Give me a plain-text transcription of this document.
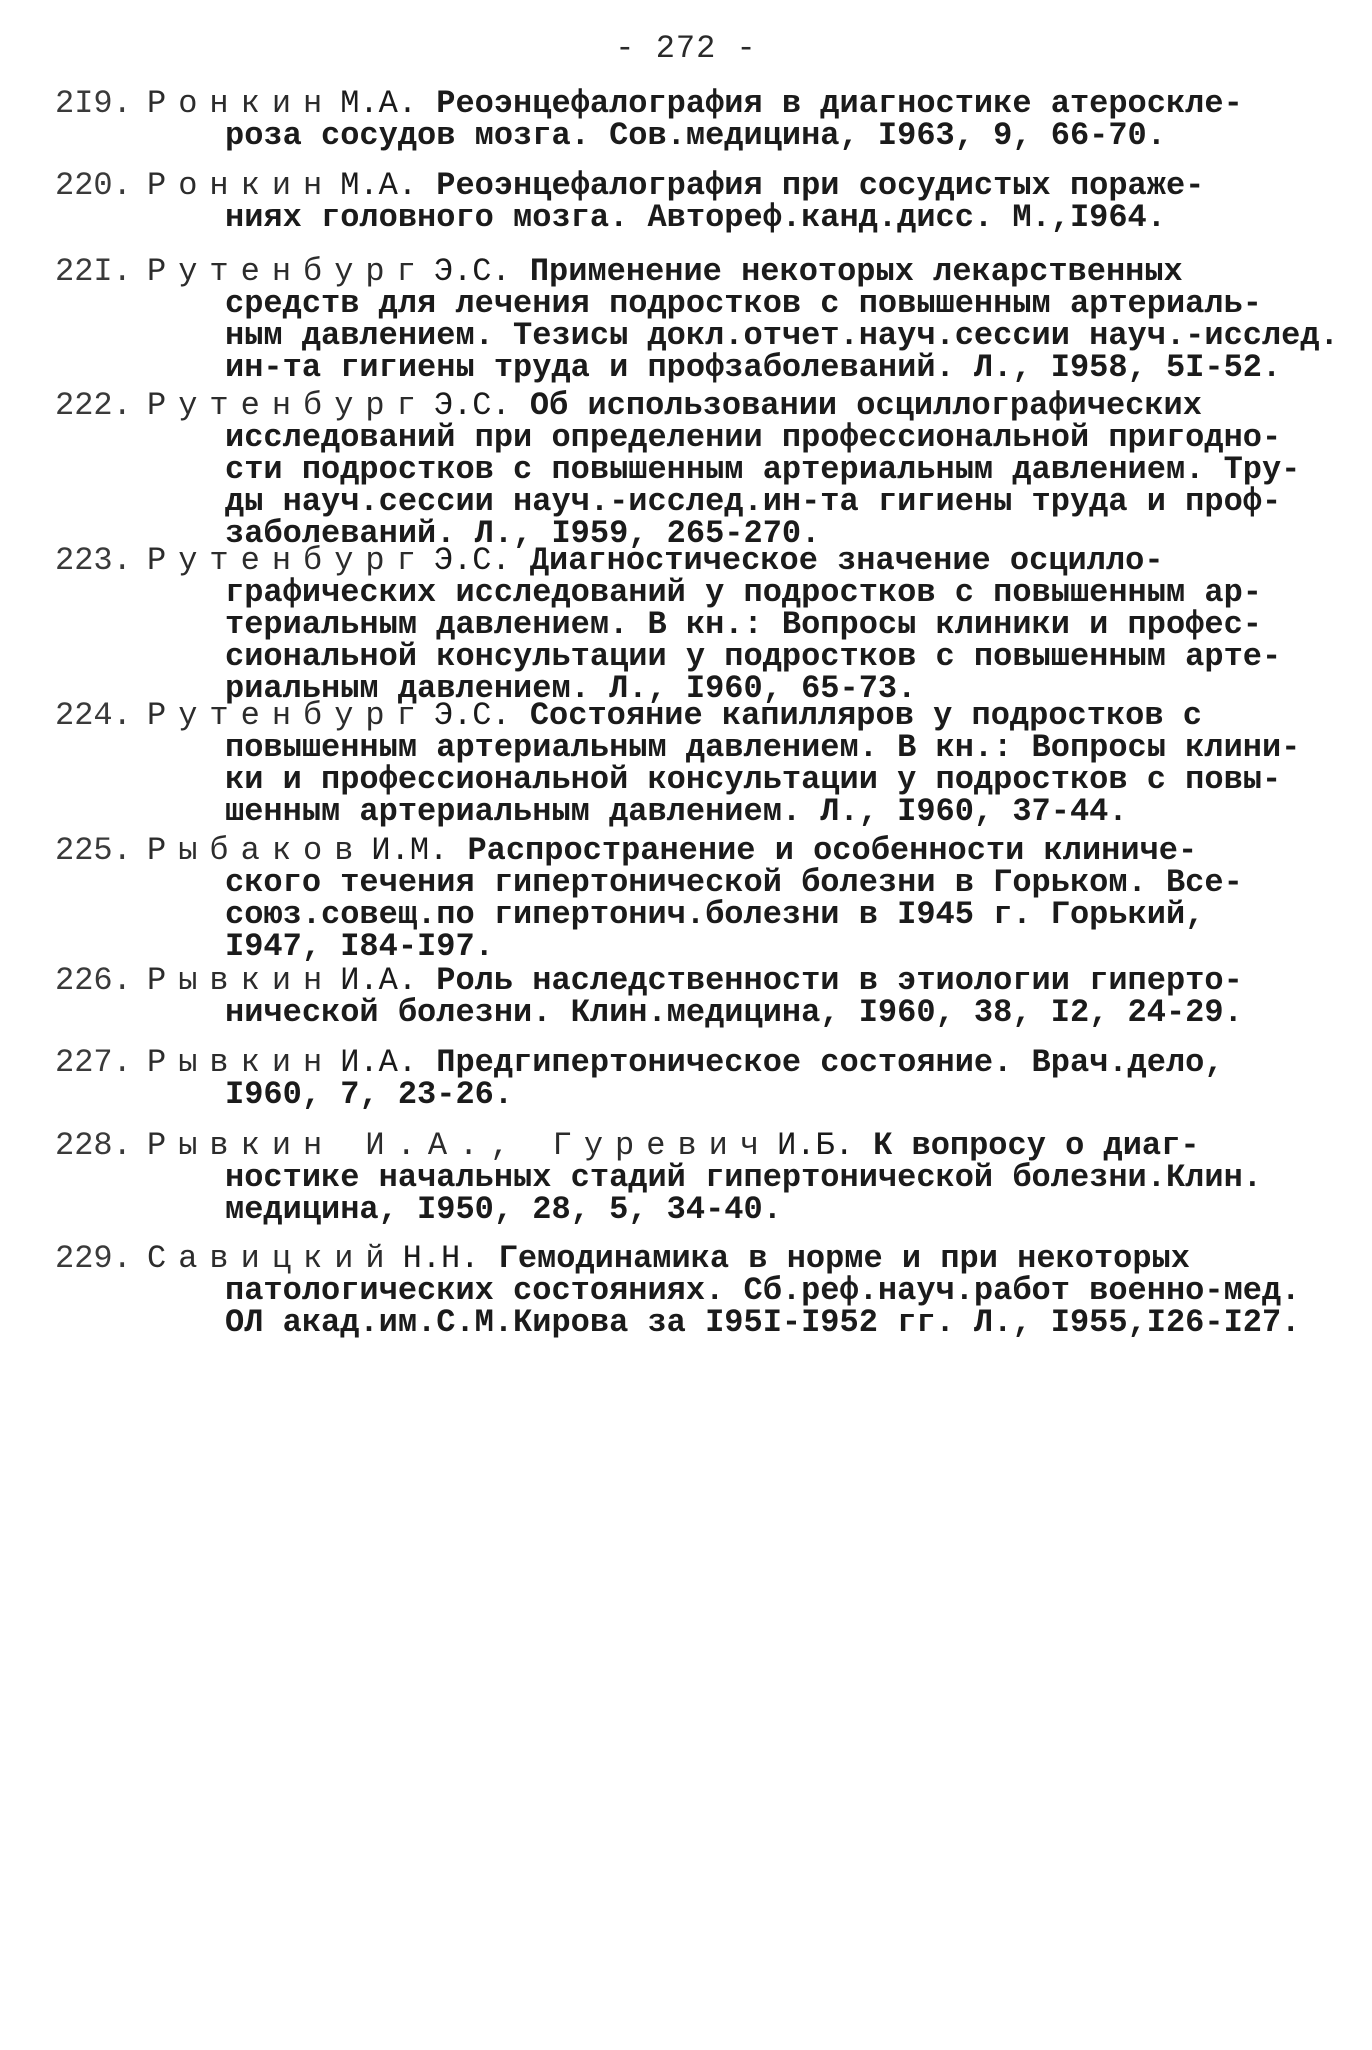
- 272 -
2I9. Ронкин М.А. Реоэнцефалография в диагностике атероскле-
роза сосудов мозга. Сов.медицина, I963, 9, 66-70.
220. Ронкин М.А. Реоэнцефалография при сосудистых пораже-
ниях головного мозга. Автореф.канд.дисс. М.,I964.
22I. Рутенбург Э.С. Применение некоторых лекарственных
средств для лечения подростков с повышенным артериаль-
ным давлением. Тезисы докл.отчет.науч.сессии науч.-исслед.
ин-та гигиены труда и профзаболеваний. Л., I958, 5I-52.
222. Рутенбург Э.С. Об использовании осциллографических
исследований при определении профессиональной пригодно-
сти подростков с повышенным артериальным давлением. Тру-
ды науч.сессии науч.-исслед.ин-та гигиены труда и проф-
заболеваний. Л., I959, 265-270.
223. Рутенбург Э.С. Диагностическое значение осцилло-
графических исследований у подростков с повышенным ар-
териальным давлением. В кн.: Вопросы клиники и профес-
сиональной консультации у подростков с повышенным арте-
риальным давлением. Л., I960, 65-73.
224. Рутенбург Э.С. Состояние капилляров у подростков с
повышенным артериальным давлением. В кн.: Вопросы клини-
ки и профессиональной консультации у подростков с повы-
шенным артериальным давлением. Л., I960, 37-44.
225. Рыбаков И.М. Распространение и особенности клиниче-
ского течения гипертонической болезни в Горьком. Все-
союз.совещ.по гипертонич.болезни в I945 г. Горький,
I947, I84-I97.
226. Рывкин И.А. Роль наследственности в этиологии гиперто-
нической болезни. Клин.медицина, I960, 38, I2, 24-29.
227. Рывкин И.А. Предгипертоническое состояние. Врач.дело,
I960, 7, 23-26.
228. Рывкин И.А., Гуревич И.Б. К вопросу о диаг-
ностике начальных стадий гипертонической болезни.Клин.
медицина, I950, 28, 5, 34-40.
229. Савицкий Н.Н. Гемодинамика в норме и при некоторых
патологических состояниях. Сб.реф.науч.работ военно-мед.
ОЛ акад.им.С.М.Кирова за I95I-I952 гг. Л., I955,I26-I27.
